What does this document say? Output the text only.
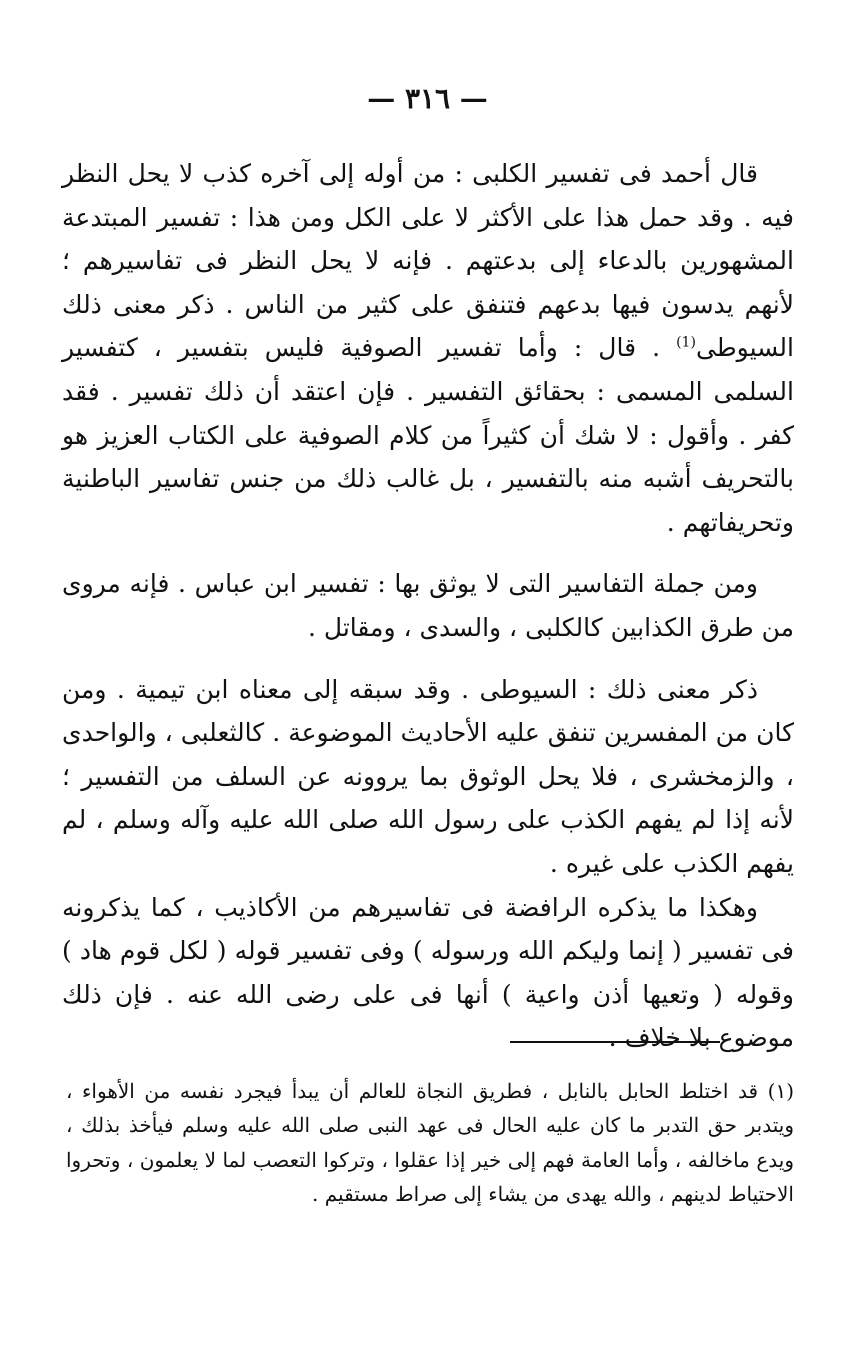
— ٣١٦ —

قال أحمد فى تفسير الكلبى : من أوله إلى آخره كذب لا يحل النظر فيه . وقد حمل هذا على الأكثر لا على الكل ومن هذا : تفسير المبتدعة المشهورين بالدعاء إلى بدعتهم . فإنه لا يحل النظر فى تفاسيرهم ؛ لأنهم يدسون فيها بدعهم فتنفق على كثير من الناس . ذكر معنى ذلك السيوطى$^{(1)}$ . قال : وأما تفسير الصوفية فليس بتفسير ، كتفسير السلمى المسمى : بحقائق التفسير . فإن اعتقد أن ذلك تفسير . فقد كفر . وأقول : لا شك أن كثيراً من كلام الصوفية على الكتاب العزيز هو بالتحريف أشبه منه بالتفسير ، بل غالب ذلك من جنس تفاسير الباطنية وتحريفاتهم .

ومن جملة التفاسير التى لا يوثق بها : تفسير ابن عباس . فإنه مروى من طرق الكذابين كالكلبى ، والسدى ، ومقاتل .

ذكر معنى ذلك : السيوطى . وقد سبقه إلى معناه ابن تيمية . ومن كان من المفسرين تنفق عليه الأحاديث الموضوعة . كالثعلبى ، والواحدى ، والزمخشرى ، فلا يحل الوثوق بما يروونه عن السلف من التفسير ؛ لأنه إذا لم يفهم الكذب على رسول الله صلى الله عليه وآله وسلم ، لم يفهم الكذب على غيره .

وهكذا ما يذكره الرافضة فى تفاسيرهم من الأكاذيب ، كما يذكرونه فى تفسير ( إنما وليكم الله ورسوله ) وفى تفسير قوله ( لكل قوم هاد ) وقوله ( وتعيها أذن واعية ) أنها فى على رضى الله عنه . فإن ذلك موضوع بلا خلاف .

(١) قد اختلط الحابل بالنابل ، فطريق النجاة للعالم أن يبدأ فيجرد نفسه من الأهواء ، ويتدبر حق التدبر ما كان عليه الحال فى عهد النبى صلى الله عليه وسلم فيأخذ بذلك ، ويدع ماخالفه ، وأما العامة فهم إلى خير إذا عقلوا ، وتركوا التعصب لما لا يعلمون ، وتحروا الاحتياط لدينهم ، والله يهدى من يشاء إلى صراط مستقيم .
